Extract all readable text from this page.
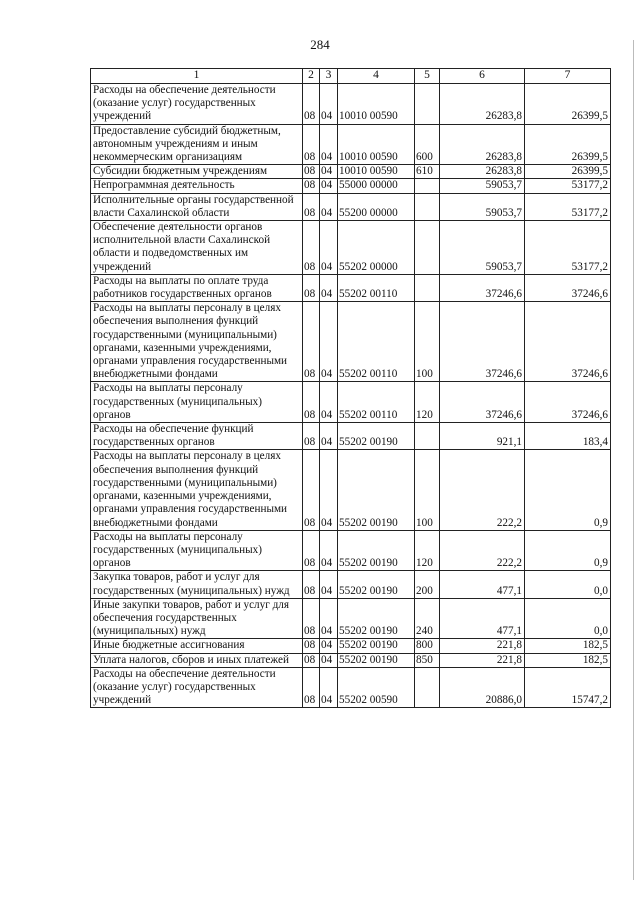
284
1	2	3	4	5	6	7
Расходы на обеспечение деятельности (оказание услуг) государственных учреждений	08	04	10010 00590		26283,8	26399,5
Предоставление субсидий бюджетным, автономным учреждениям и иным некоммерческим организациям	08	04	10010 00590	600	26283,8	26399,5
Субсидии бюджетным учреждениям	08	04	10010 00590	610	26283,8	26399,5
Непрограммная деятельность	08	04	55000 00000		59053,7	53177,2
Исполнительные органы государственной власти Сахалинской области	08	04	55200 00000		59053,7	53177,2
Обеспечение деятельности органов исполнительной власти Сахалинской области и подведомственных им учреждений	08	04	55202 00000		59053,7	53177,2
Расходы на выплаты по оплате труда работников государственных органов	08	04	55202 00110		37246,6	37246,6
Расходы на выплаты персоналу в целях обеспечения выполнения функций государственными (муниципальными) органами, казенными учреждениями, органами управления государственными внебюджетными фондами	08	04	55202 00110	100	37246,6	37246,6
Расходы на выплаты персоналу государственных (муниципальных) органов	08	04	55202 00110	120	37246,6	37246,6
Расходы на обеспечение функций государственных органов	08	04	55202 00190		921,1	183,4
Расходы на выплаты персоналу в целях обеспечения выполнения функций государственными (муниципальными) органами, казенными учреждениями, органами управления государственными внебюджетными фондами	08	04	55202 00190	100	222,2	0,9
Расходы на выплаты персоналу государственных (муниципальных) органов	08	04	55202 00190	120	222,2	0,9
Закупка товаров, работ и услуг для государственных (муниципальных) нужд	08	04	55202 00190	200	477,1	0,0
Иные закупки товаров, работ и услуг для обеспечения государственных (муниципальных) нужд	08	04	55202 00190	240	477,1	0,0
Иные бюджетные ассигнования	08	04	55202 00190	800	221,8	182,5
Уплата налогов, сборов и иных платежей	08	04	55202 00190	850	221,8	182,5
Расходы на обеспечение деятельности (оказание услуг) государственных учреждений	08	04	55202 00590		20886,0	15747,2
